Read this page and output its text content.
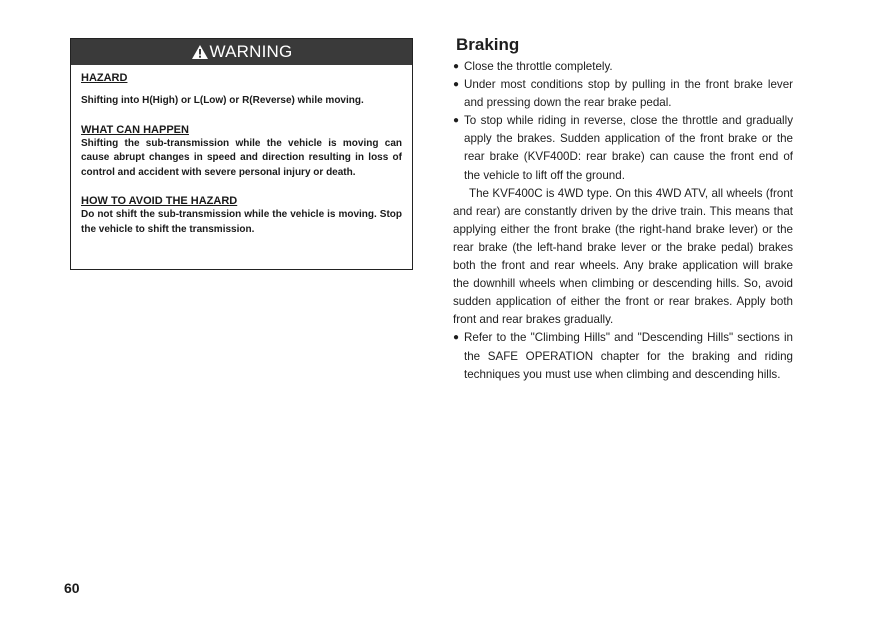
WARNING

HAZARD

Shifting into H(High) or L(Low) or R(Reverse) while moving.

WHAT CAN HAPPEN

Shifting the sub-transmission while the vehicle is moving can cause abrupt changes in speed and direction resulting in loss of control and accident with severe personal injury or death.

HOW TO AVOID THE HAZARD

Do not shift the sub-transmission while the vehicle is moving. Stop the vehicle to shift the transmission.

60
Braking
● Close the throttle completely.
● Under most conditions stop by pulling in the front brake lever and pressing down the rear brake pedal.
● To stop while riding in reverse, close the throttle and gradually apply the brakes. Sudden application of the front brake or the rear brake (KVF400D: rear brake) can cause the front end of the vehicle to lift off the ground.

The KVF400C is 4WD type. On this 4WD ATV, all wheels (front and rear) are constantly driven by the drive train. This means that applying either the front brake (the right-hand brake lever) or the rear brake (the left-hand brake lever or the brake pedal) brakes both the front and rear wheels. Any brake application will brake the downhill wheels when climbing or descending hills. So, avoid sudden application of either the front or rear brakes. Apply both front and rear brakes gradually.

● Refer to the "Climbing Hills" and "Descending Hills" sections in the SAFE OPERATION chapter for the braking and riding techniques you must use when climbing and descending hills.
